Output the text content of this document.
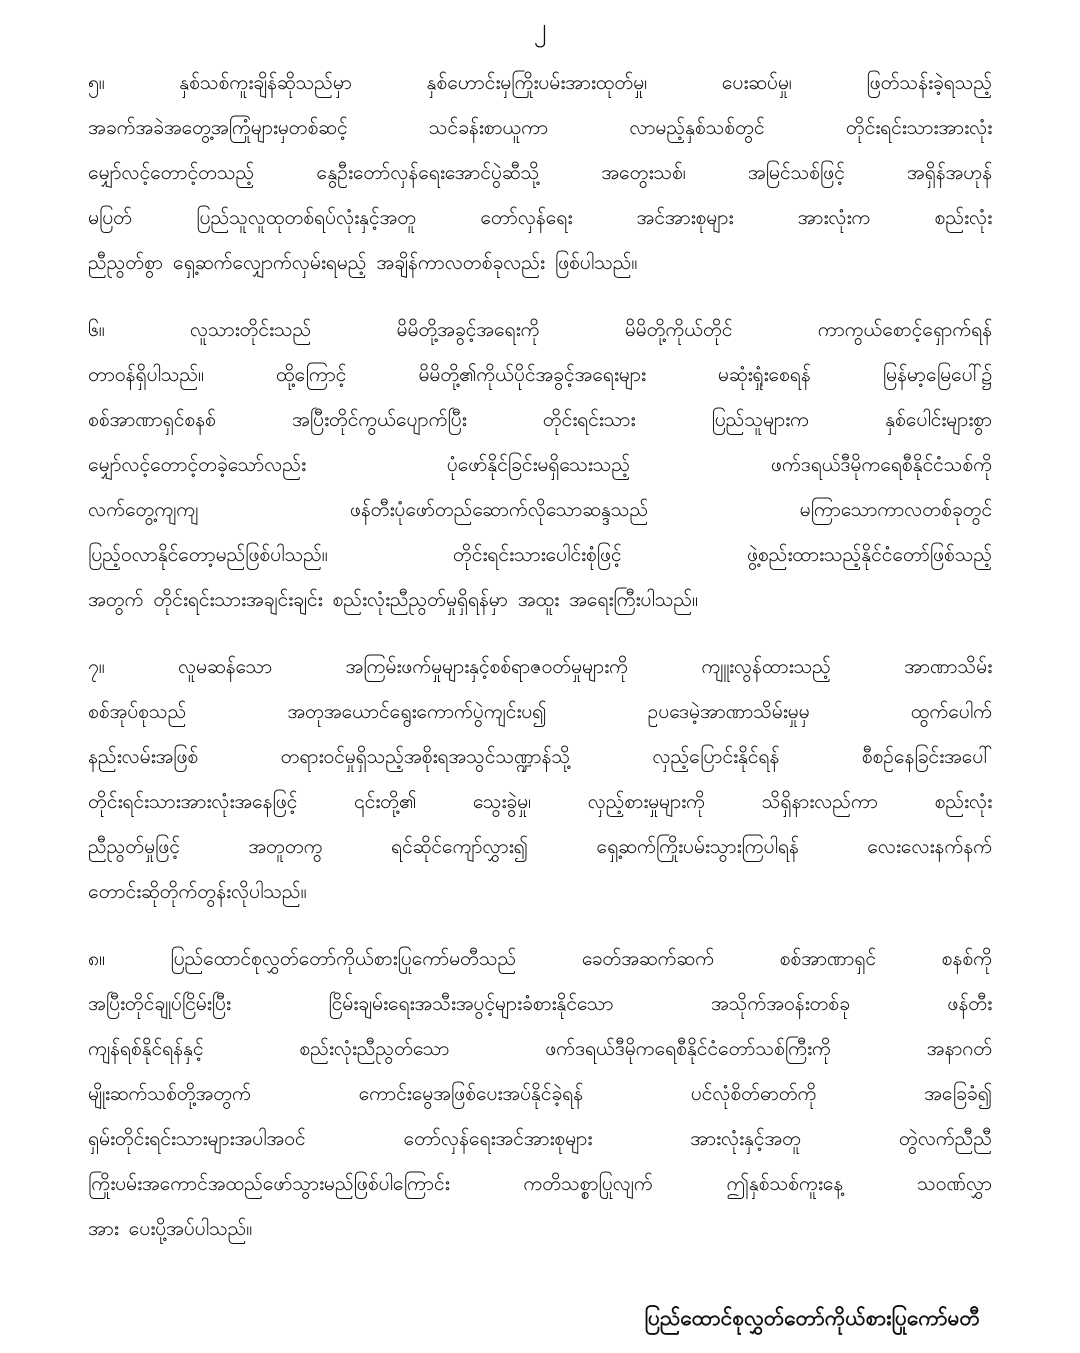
၂
၅။	နှစ်သစ်ကူးချိန်ဆိုသည်မှာ	နှစ်ဟောင်းမှကြိုးပမ်းအားထုတ်မှု၊	ပေးဆပ်မှု၊	ဖြတ်သန်းခဲ့ရသည့်
အခက်အခဲအတွေ့အကြုံများမှတစ်ဆင့်	သင်ခန်းစာယူကာ	လာမည့်နှစ်သစ်တွင်	တိုင်းရင်းသားအားလုံး
မျှော်လင့်တောင့်တသည့်	နွေဦးတော်လှန်ရေးအောင်ပွဲဆီသို့	အတွေးသစ်၊	အမြင်သစ်ဖြင့်	အရှိန်အဟုန်
မပြတ်	ပြည်သူလူထုတစ်ရပ်လုံးနှင့်အတူ	တော်လှန်ရေး	အင်အားစုများ	အားလုံးက	စည်းလုံး
ညီညွတ်စွာ ရှေ့ဆက်လျှောက်လှမ်းရမည့် အချိန်ကာလတစ်ခုလည်း ဖြစ်ပါသည်။
၆။	လူသားတိုင်းသည်	မိမိတို့အခွင့်အရေးကို	မိမိတို့ကိုယ်တိုင်	ကာကွယ်စောင့်ရှောက်ရန်
တာဝန်ရှိပါသည်။	ထို့ကြောင့်	မိမိတို့၏ကိုယ်ပိုင်အခွင့်အရေးများ	မဆုံးရှုံးစေရန်	မြန်မာ့မြေပေါ်၌
စစ်အာဏာရှင်စနစ်	အပြီးတိုင်ကွယ်ပျောက်ပြီး	တိုင်းရင်းသား	ပြည်သူများက	နှစ်ပေါင်းများစွာ
မျှော်လင့်တောင့်တခဲ့သော်လည်း	ပုံဖော်နိုင်ခြင်းမရှိသေးသည့်	ဖက်ဒရယ်ဒီမိုကရေစီနိုင်ငံသစ်ကို
လက်တွေ့ကျကျ	ဖန်တီးပုံဖော်တည်ဆောက်လိုသောဆန္ဒသည်	မကြာသောကာလတစ်ခုတွင်
ပြည့်ဝလာနိုင်တော့မည်ဖြစ်ပါသည်။	တိုင်းရင်းသားပေါင်းစုံဖြင့်	ဖွဲ့စည်းထားသည့်နိုင်ငံတော်ဖြစ်သည့်
အတွက် တိုင်းရင်းသားအချင်းချင်း စည်းလုံးညီညွတ်မှုရှိရန်မှာ အထူး အရေးကြီးပါသည်။
၇။	လူမဆန်သော	အကြမ်းဖက်မှုများနှင့်စစ်ရာဇဝတ်မှုများကို	ကျူးလွန်ထားသည့်	အာဏာသိမ်း
စစ်အုပ်စုသည်	အတုအယောင်ရွေးကောက်ပွဲကျင်းပ၍	ဥပဒေမဲ့အာဏာသိမ်းမှုမှ	ထွက်ပေါက်
နည်းလမ်းအဖြစ်	တရားဝင်မှုရှိသည့်အစိုးရအသွင်သဏ္ဍာန်သို့	လှည့်ပြောင်းနိုင်ရန်	စီစဉ်နေခြင်းအပေါ်
တိုင်းရင်းသားအားလုံးအနေဖြင့်	၎င်းတို့၏	သွေးခွဲမှု၊	လှည့်စားမှုများကို	သိရှိနားလည်ကာ	စည်းလုံး
ညီညွတ်မှုဖြင့်	အတူတကွ	ရင်ဆိုင်ကျော်လွှား၍	ရှေ့ဆက်ကြိုးပမ်းသွားကြပါရန်	လေးလေးနက်နက်
တောင်းဆိုတိုက်တွန်းလိုပါသည်။
၈။	ပြည်ထောင်စုလွှတ်တော်ကိုယ်စားပြုကော်မတီသည်	ခေတ်အဆက်ဆက်	စစ်အာဏာရှင်	စနစ်ကို
အပြီးတိုင်ချုပ်ငြိမ်းပြီး	ငြိမ်းချမ်းရေးအသီးအပွင့်များခံစားနိုင်သော	အသိုက်အဝန်းတစ်ခု	ဖန်တီး
ကျန်ရစ်နိုင်ရန်နှင့်	စည်းလုံးညီညွတ်သော	ဖက်ဒရယ်ဒီမိုကရေစီနိုင်ငံတော်သစ်ကြီးကို	အနာဂတ်
မျိုးဆက်သစ်တို့အတွက်	ကောင်းမွေအဖြစ်ပေးအပ်နိုင်ခဲ့ရန်	ပင်လုံစိတ်ဓာတ်ကို	အခြေခံ၍
ရှမ်းတိုင်းရင်းသားများအပါအဝင်	တော်လှန်ရေးအင်အားစုများ	အားလုံးနှင့်အတူ	တွဲလက်ညီညီ
ကြိုးပမ်းအကောင်အထည်ဖော်သွားမည်ဖြစ်ပါကြောင်း	ကတိသစ္စာပြုလျက်	ဤနှစ်သစ်ကူးနေ့	သဝဏ်လွှာ
အား ပေးပို့အပ်ပါသည်။
ပြည်ထောင်စုလွှတ်တော်ကိုယ်စားပြုကော်မတီ
